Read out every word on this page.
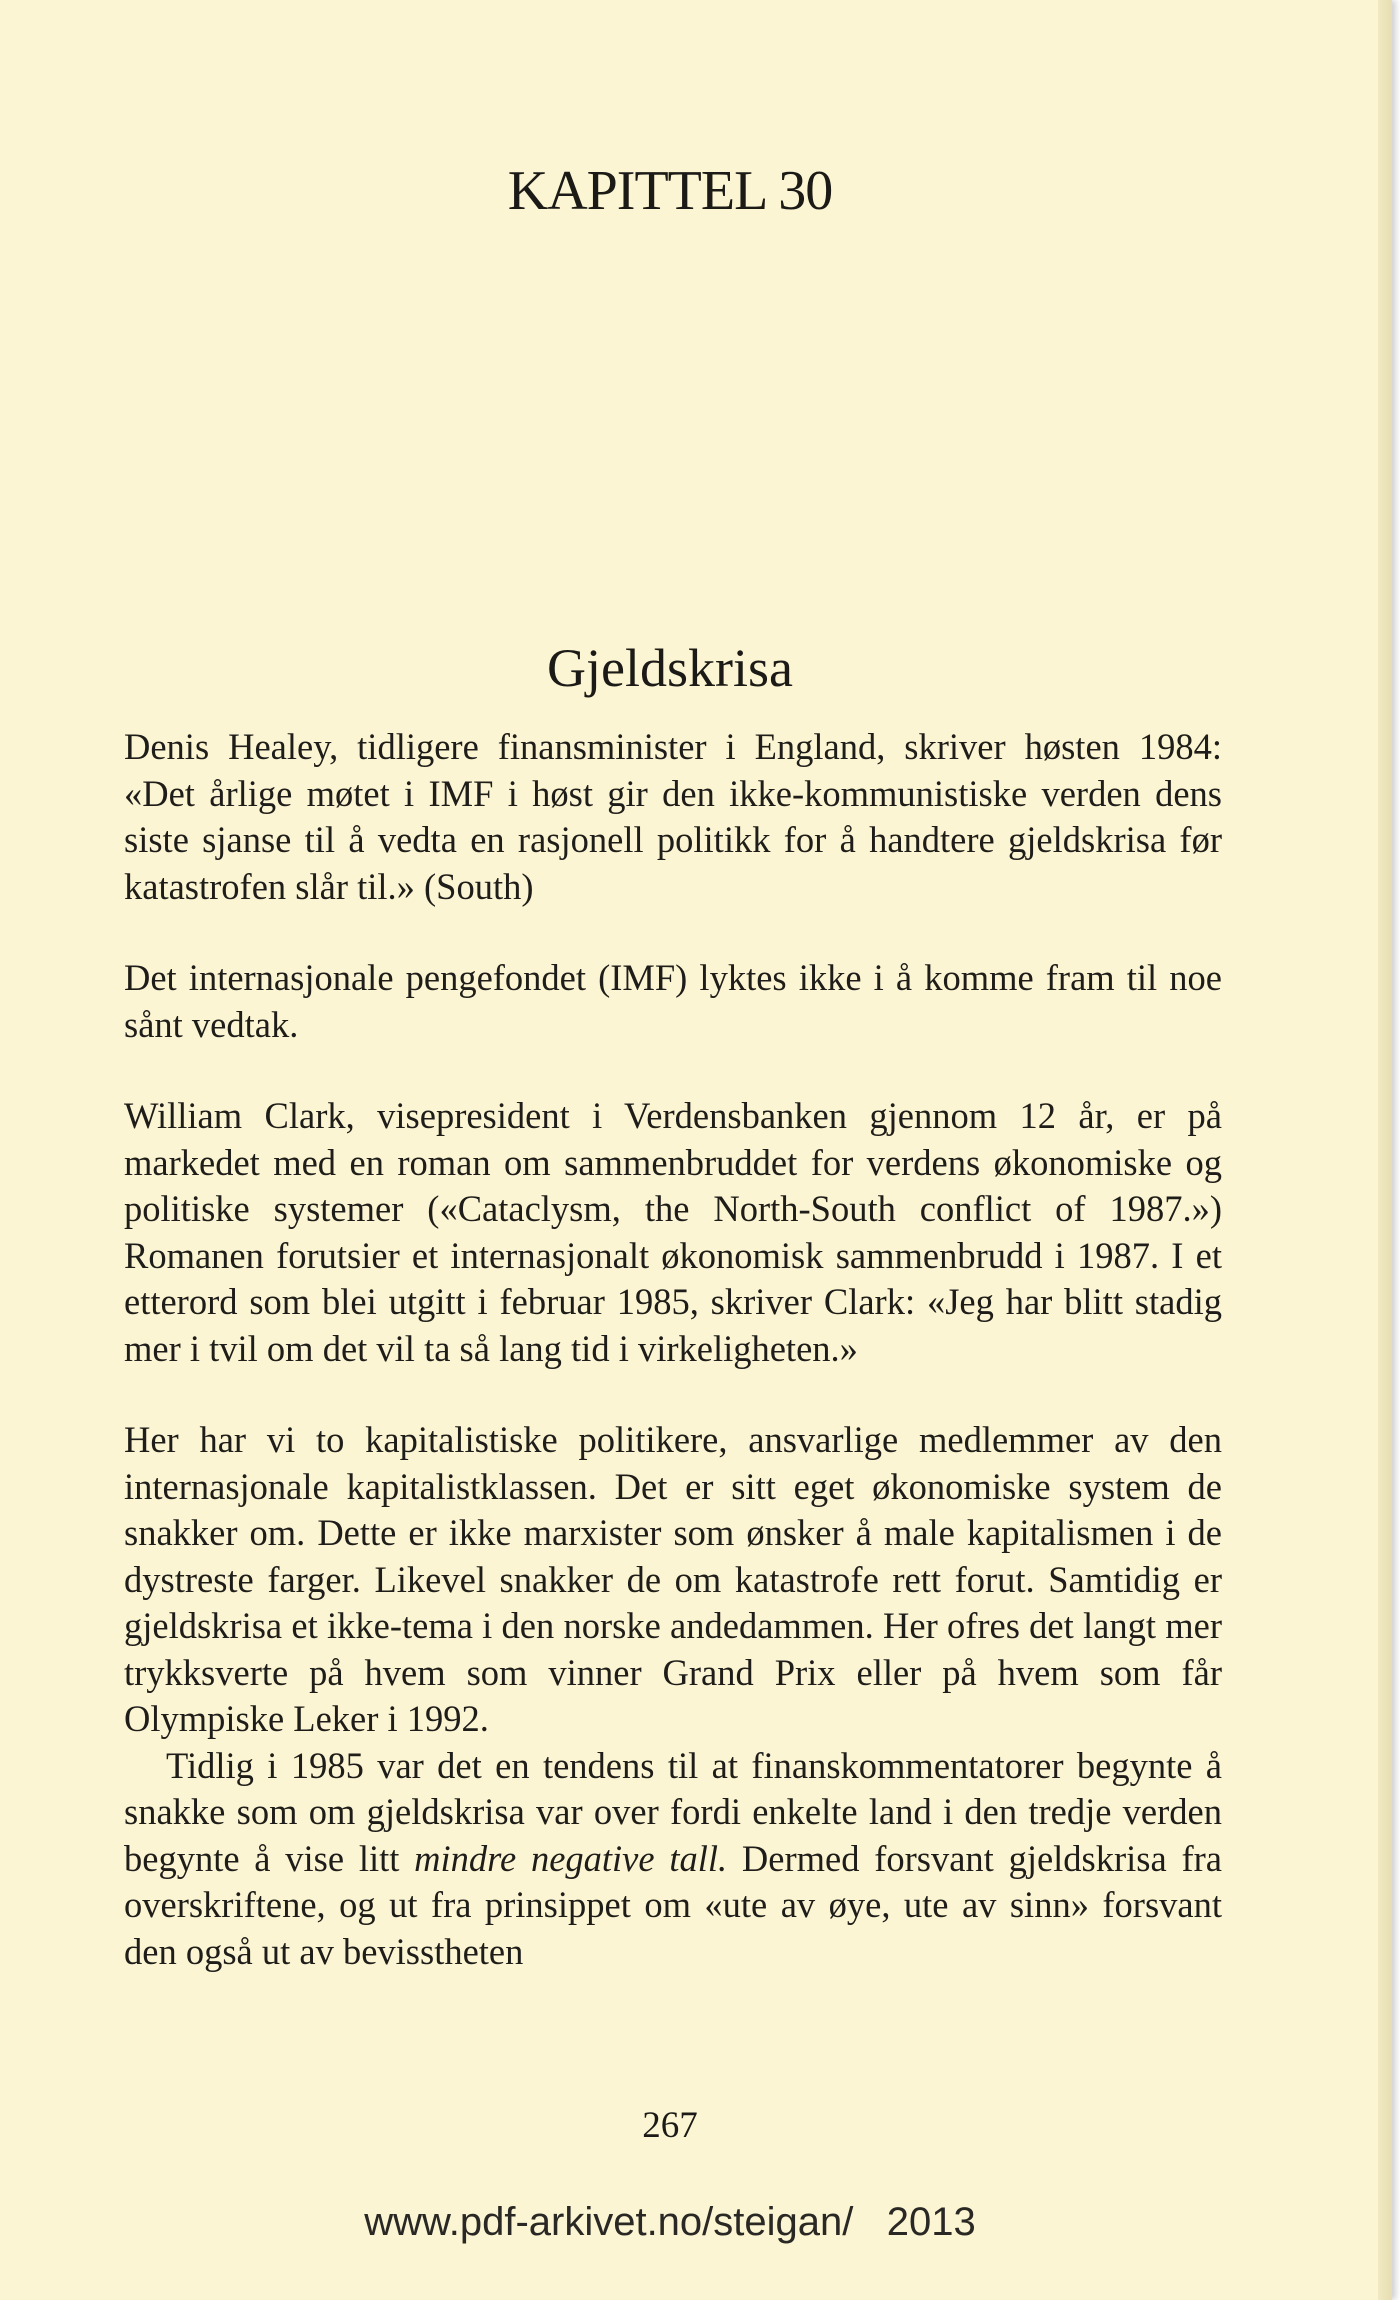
KAPITTEL 30
Gjeldskrisa

Denis Healey, tidligere finansminister i England, skriver høsten 1984: «Det årlige møtet i IMF i høst gir den ikke-kommunistiske verden dens siste sjanse til å vedta en rasjonell politikk for å handtere gjeldskrisa før katastrofen slår til.» (South)

Det internasjonale pengefondet (IMF) lyktes ikke i å komme fram til noe sånt vedtak.

William Clark, visepresident i Verdensbanken gjennom 12 år, er på markedet med en roman om sammenbruddet for verdens økonomiske og politiske systemer («Cataclysm, the North-South conflict of 1987.») Romanen forutsier et internasjonalt økonomisk sammenbrudd i 1987. I et etterord som blei utgitt i februar 1985, skriver Clark: «Jeg har blitt stadig mer i tvil om det vil ta så lang tid i virkeligheten.»

Her har vi to kapitalistiske politikere, ansvarlige medlemmer av den internasjonale kapitalistklassen. Det er sitt eget økonomiske system de snakker om. Dette er ikke marxister som ønsker å male kapitalismen i de dystreste farger. Likevel snakker de om katastrofe rett forut. Samtidig er gjeldskrisa et ikke-tema i den norske andedammen. Her ofres det langt mer trykksverte på hvem som vinner Grand Prix eller på hvem som får Olympiske Leker i 1992.

Tidlig i 1985 var det en tendens til at finanskommentatorer begynte å snakke som om gjeldskrisa var over fordi enkelte land i den tredje verden begynte å vise litt mindre negative tall. Dermed forsvant gjeldskrisa fra overskriftene, og ut fra prinsippet om «ute av øye, ute av sinn» forsvant den også ut av bevisstheten

267
www.pdf-arkivet.no/steigan/ 2013
